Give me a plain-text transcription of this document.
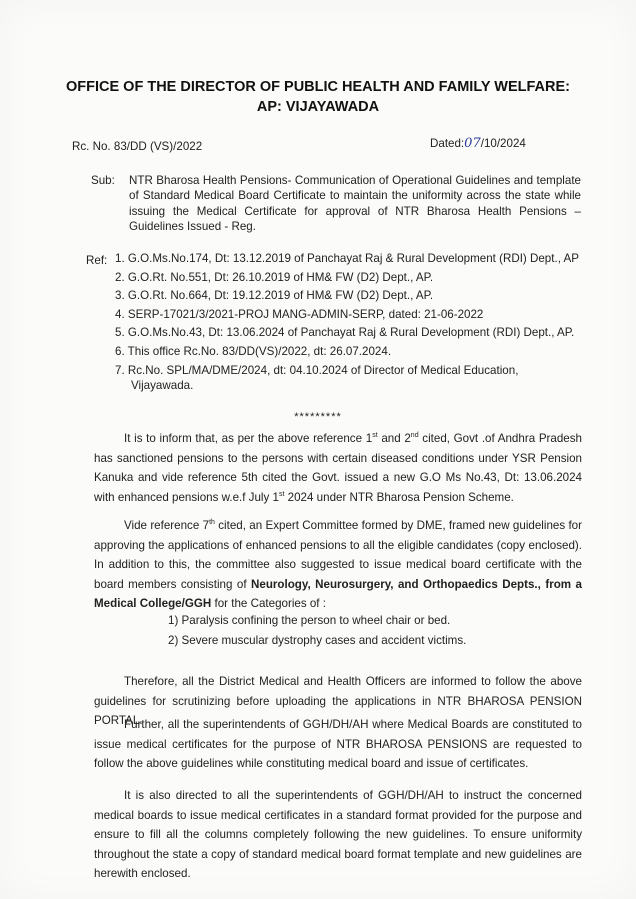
OFFICE OF THE DIRECTOR OF PUBLIC HEALTH AND FAMILY WELFARE:
AP: VIJAYAWADA
Rc. No. 83/DD (VS)/2022	Dated:07/10/2024
Sub: NTR Bharosa Health Pensions- Communication of Operational Guidelines and template of Standard Medical Board Certificate to maintain the uniformity across the state while issuing the Medical Certificate for approval of NTR Bharosa Health Pensions – Guidelines Issued - Reg.
Ref: 1. G.O.Ms.No.174, Dt: 13.12.2019 of Panchayat Raj & Rural Development (RDI) Dept., AP
2. G.O.Rt. No.551, Dt: 26.10.2019 of HM& FW (D2) Dept., AP.
3. G.O.Rt. No.664, Dt: 19.12.2019 of HM& FW (D2) Dept., AP.
4. SERP-17021/3/2021-PROJ MANG-ADMIN-SERP, dated: 21-06-2022
5. G.O.Ms.No.43, Dt: 13.06.2024 of Panchayat Raj & Rural Development (RDI) Dept., AP.
6. This office Rc.No. 83/DD(VS)/2022, dt: 26.07.2024.
7. Rc.No. SPL/MA/DME/2024, dt: 04.10.2024 of Director of Medical Education,
Vijayawada.
*********
It is to inform that, as per the above reference 1st and 2nd cited, Govt .of Andhra Pradesh has sanctioned pensions to the persons with certain diseased conditions under YSR Pension Kanuka and vide reference 5th cited the Govt. issued a new G.O Ms No.43, Dt: 13.06.2024 with enhanced pensions w.e.f July 1st 2024 under NTR Bharosa Pension Scheme.
Vide reference 7th cited, an Expert Committee formed by DME, framed new guidelines for approving the applications of enhanced pensions to all the eligible candidates (copy enclosed). In addition to this, the committee also suggested to issue medical board certificate with the board members consisting of Neurology, Neurosurgery, and Orthopaedics Depts., from a Medical College/GGH for the Categories of :
1) Paralysis confining the person to wheel chair or bed.
2) Severe muscular dystrophy cases and accident victims.
Therefore, all the District Medical and Health Officers are informed to follow the above guidelines for scrutinizing before uploading the applications in NTR BHAROSA PENSION PORTAL.
Further, all the superintendents of GGH/DH/AH where Medical Boards are constituted to issue medical certificates for the purpose of NTR BHAROSA PENSIONS are requested to follow the above guidelines while constituting medical board and issue of certificates.
It is also directed to all the superintendents of GGH/DH/AH to instruct the concerned medical boards to issue medical certificates in a standard format provided for the purpose and ensure to fill all the columns completely following the new guidelines. To ensure uniformity throughout the state a copy of standard medical board format template and new guidelines are herewith enclosed.
